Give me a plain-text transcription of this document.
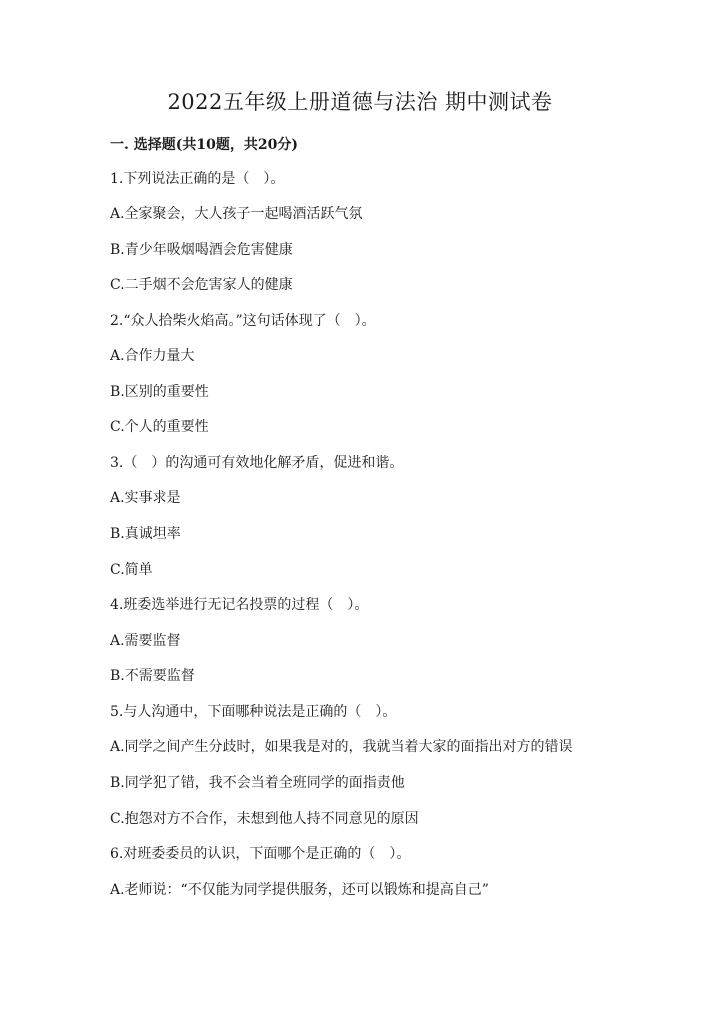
2022五年级上册道德与法治 期中测试卷

一. 选择题(共10题，共20分)

1.下列说法正确的是（　）。

A.全家聚会，大人孩子一起喝酒活跃气氛

B.青少年吸烟喝酒会危害健康

C.二手烟不会危害家人的健康

2.“众人拾柴火焰高。”这句话体现了（　）。

A.合作力量大

B.区别的重要性

C.个人的重要性

3.（　）的沟通可有效地化解矛盾，促进和谐。

A.实事求是

B.真诚坦率

C.简单

4.班委选举进行无记名投票的过程（　）。

A.需要监督

B.不需要监督

5.与人沟通中，下面哪种说法是正确的（　）。

A.同学之间产生分歧时，如果我是对的，我就当着大家的面指出对方的错误

B.同学犯了错，我不会当着全班同学的面指责他

C.抱怨对方不合作，未想到他人持不同意见的原因

6.对班委委员的认识，下面哪个是正确的（　）。

A.老师说：“不仅能为同学提供服务，还可以锻炼和提高自己”
